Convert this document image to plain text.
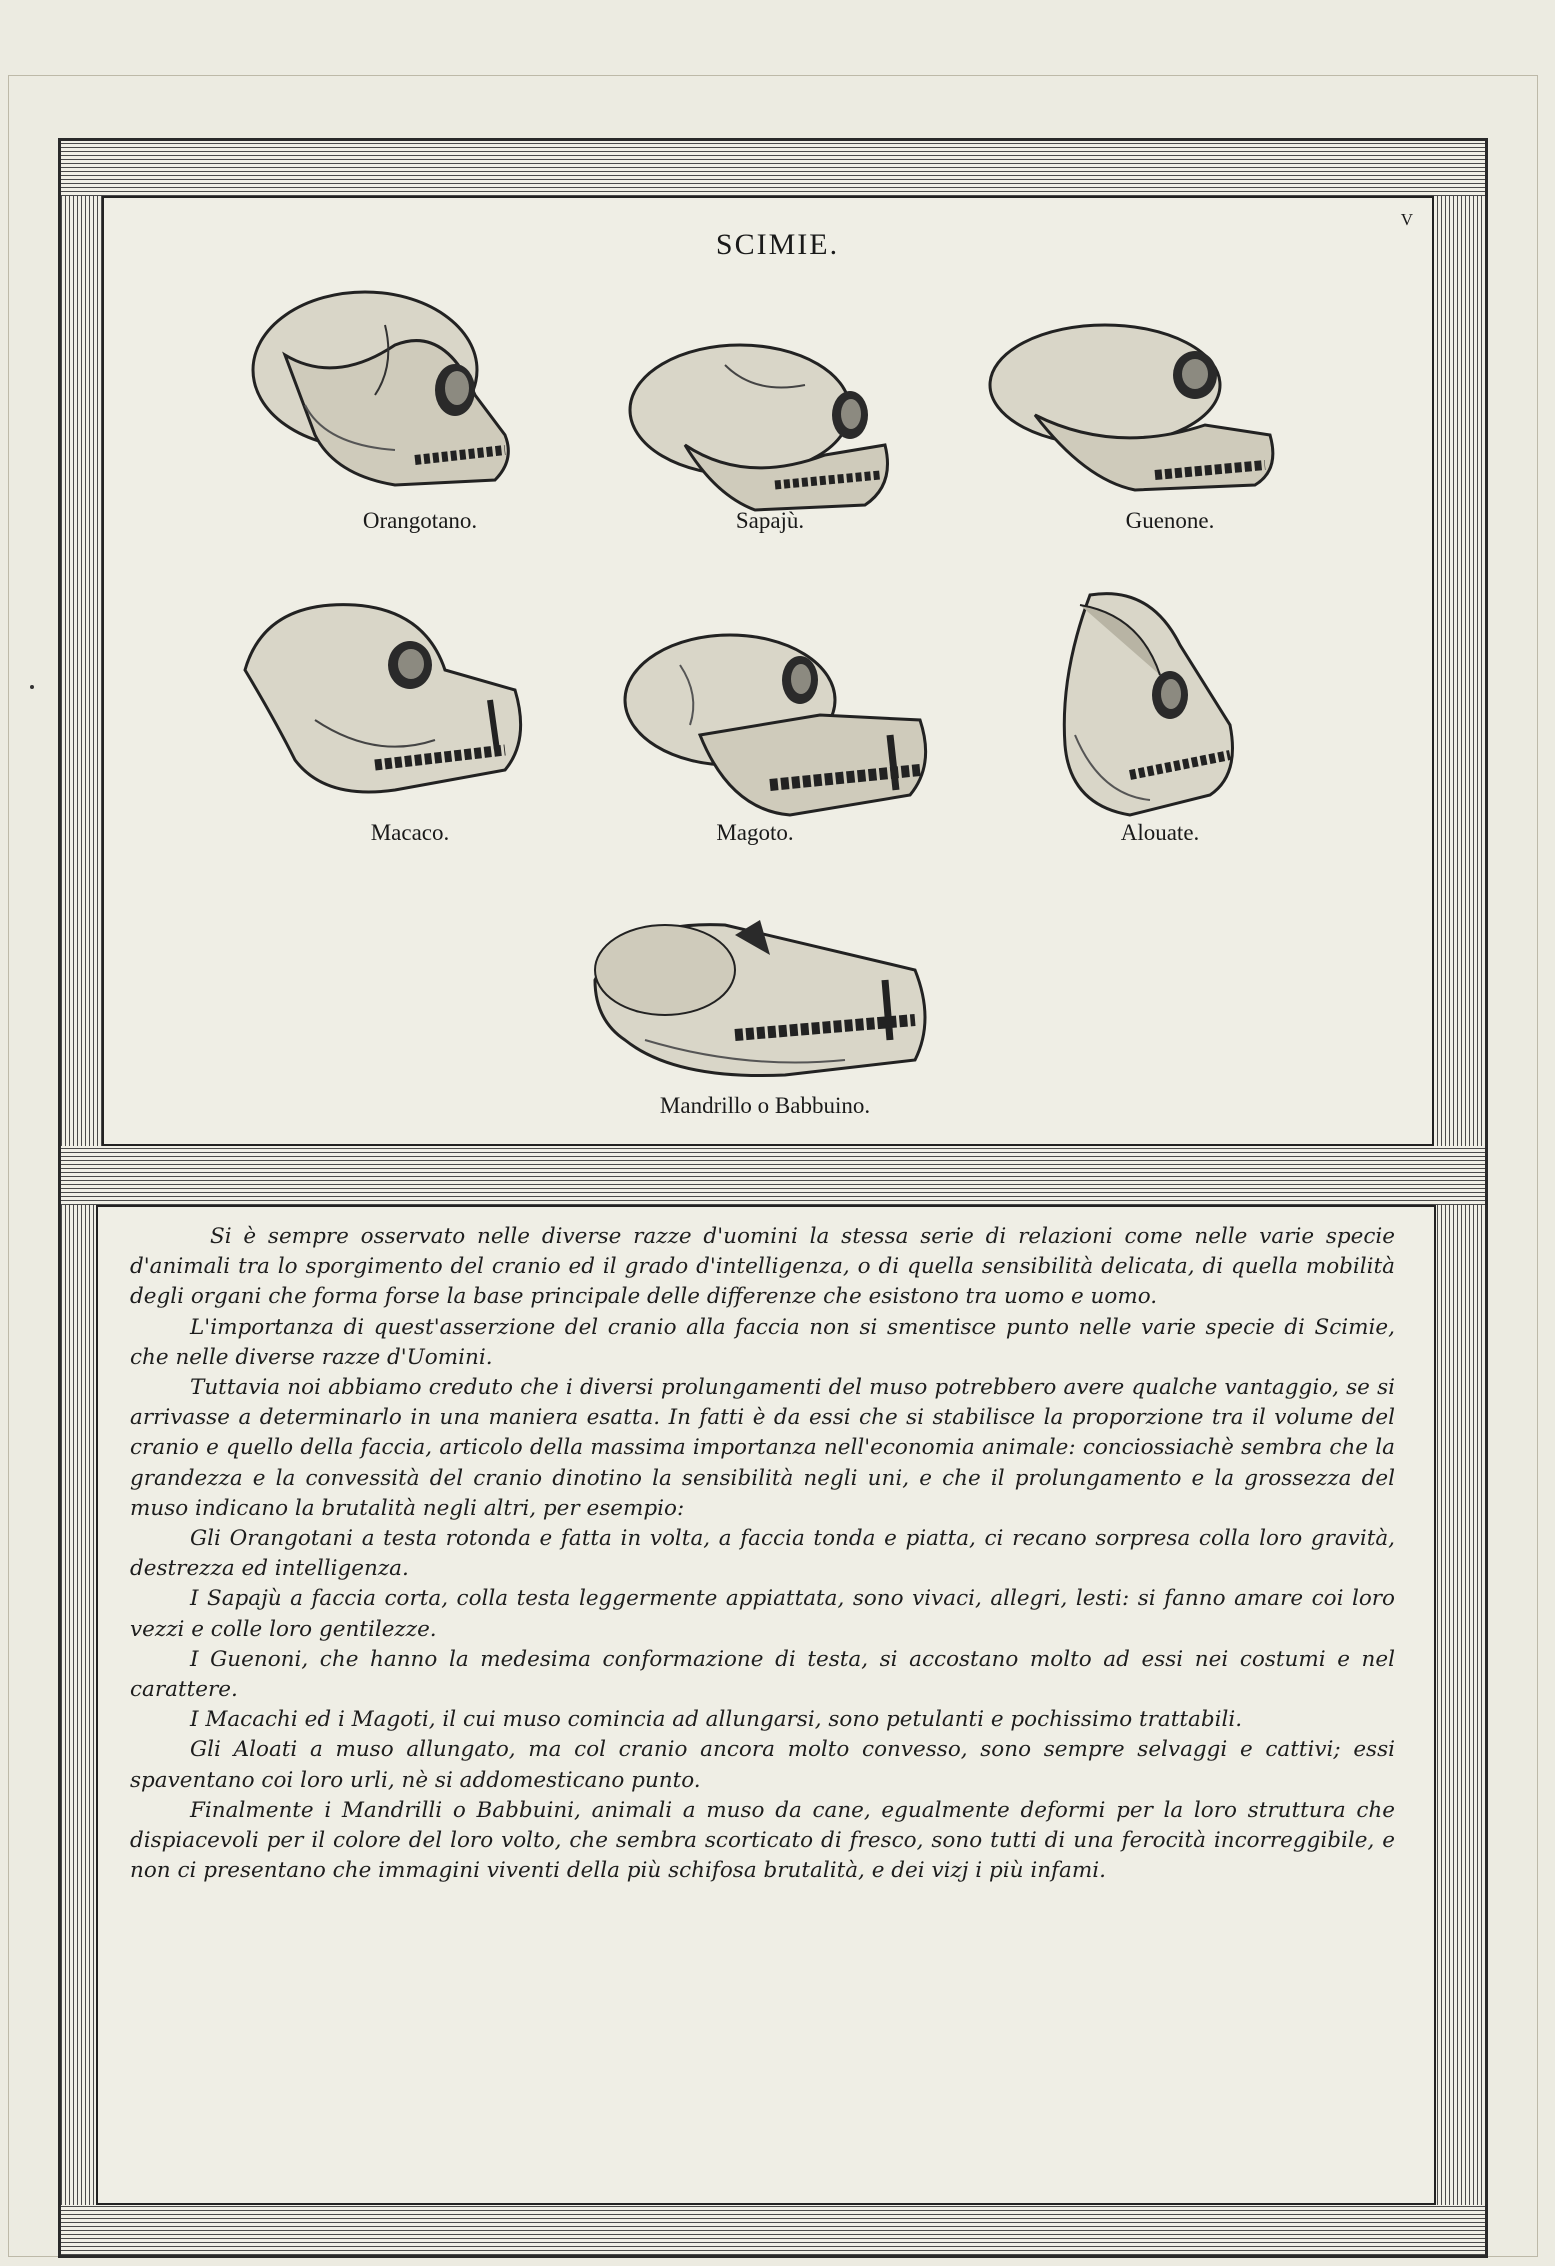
V
SCIMIE.
Orangotano.	Sapajù.	Guenone.
Macaco.	Magoto.	Alouate.
Mandrillo o Babbuino.

Si è sempre osservato nelle diverse razze d'uomini la stessa serie di relazioni come nelle varie specie d'animali tra lo sporgimento del cranio ed il grado d'intelligenza, o di quella sensibilità delicata, di quella mobilità degli organi che forma forse la base principale delle differenze che esistono tra uomo e uomo.

L'importanza di quest'asserzione del cranio alla faccia non si smentisce punto nelle varie specie di Scimie, che nelle diverse razze d'Uomini.

Tuttavia noi abbiamo creduto che i diversi prolungamenti del muso potrebbero avere qualche vantaggio, se si arrivasse a determinarlo in una maniera esatta. In fatti è da essi che si stabilisce la proporzione tra il volume del cranio e quello della faccia, articolo della massima importanza nell'economia animale: conciossiachè sembra che la grandezza e la convessità del cranio dinotino la sensibilità negli uni, e che il prolungamento e la grossezza del muso indicano la brutalità negli altri, per esempio:

Gli Orangotani a testa rotonda e fatta in volta, a faccia tonda e piatta, ci recano sorpresa colla loro gravità, destrezza ed intelligenza.

I Sapajù a faccia corta, colla testa leggermente appiattata, sono vivaci, allegri, lesti: si fanno amare coi loro vezzi e colle loro gentilezze.

I Guenoni, che hanno la medesima conformazione di testa, si accostano molto ad essi nei costumi e nel carattere.

I Macachi ed i Magoti, il cui muso comincia ad allungarsi, sono petulanti e pochissimo trattabili.

Gli Aloati a muso allungato, ma col cranio ancora molto convesso, sono sempre selvaggi e cattivi; essi spaventano coi loro urli, nè si addomesticano punto.

Finalmente i Mandrilli o Babbuini, animali a muso da cane, egualmente deformi per la loro struttura che dispiacevoli per il colore del loro volto, che sembra scorticato di fresco, sono tutti di una ferocità incorreggibile, e non ci presentano che immagini viventi della più schifosa brutalità, e dei vizj i più infami.
